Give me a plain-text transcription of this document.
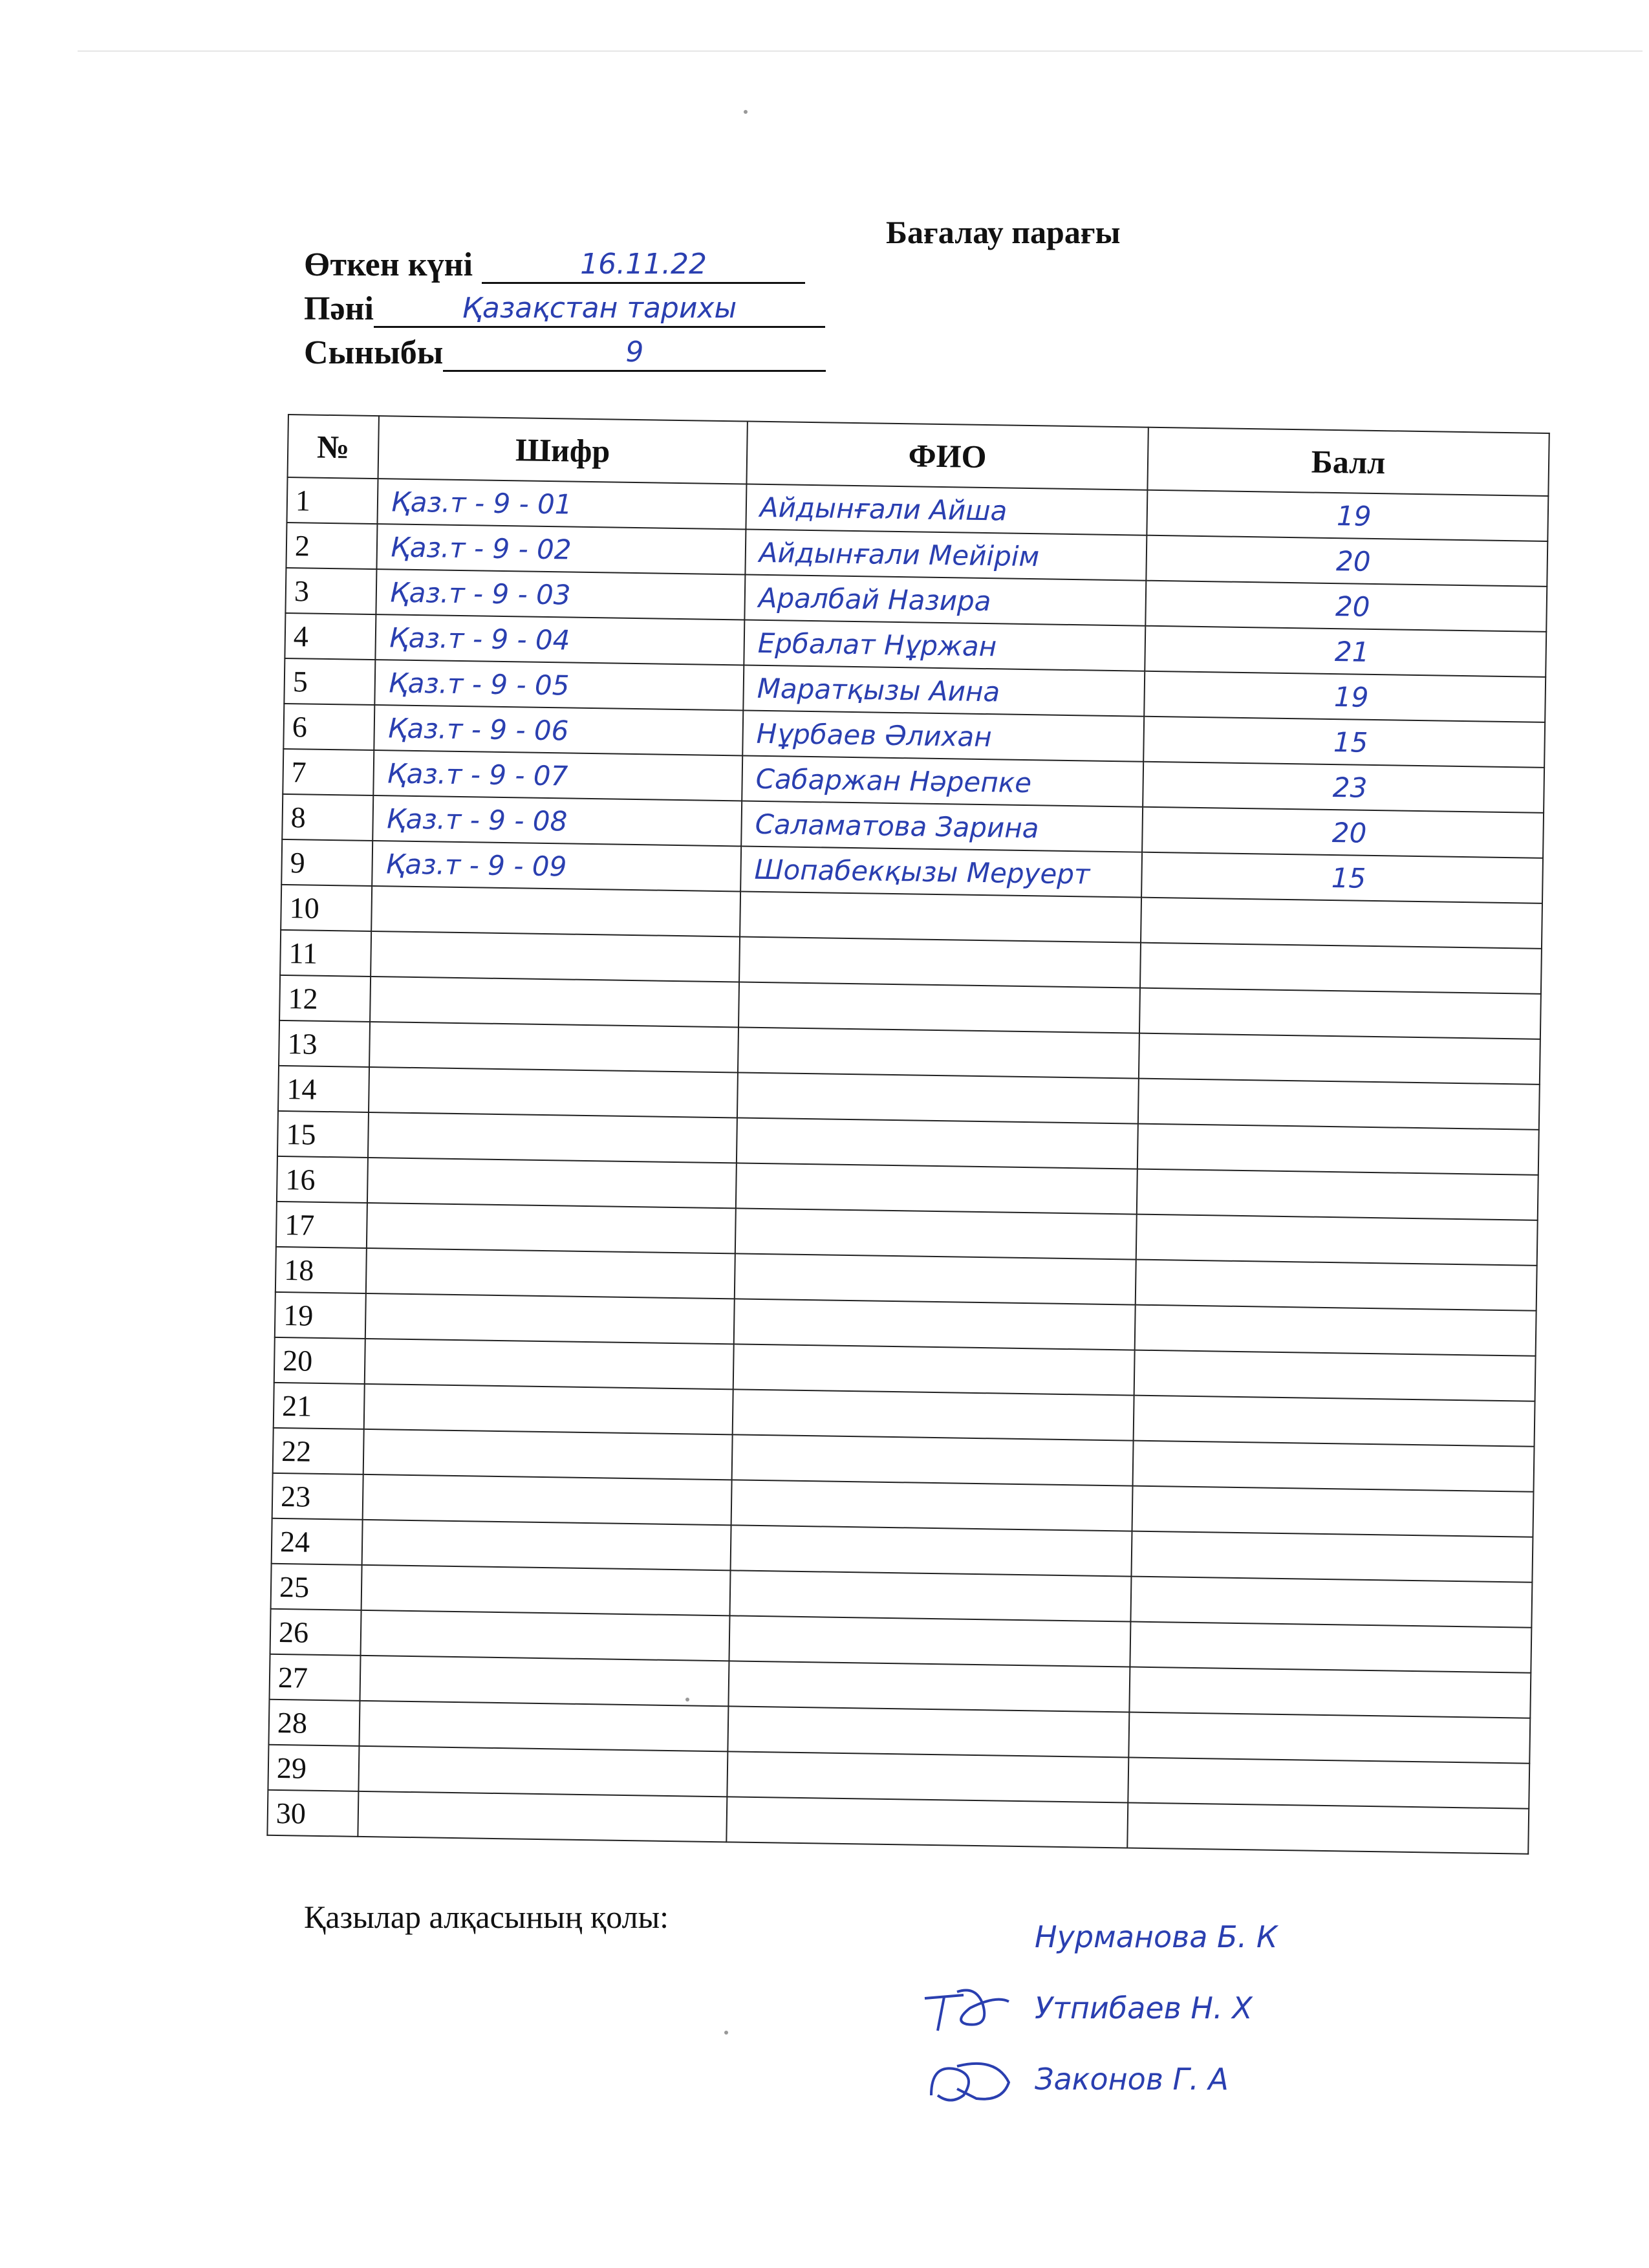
Бағалау парағы
Өткен күні	16.11.22
Пәні	Қазақстан тарихы
Сыныбы	9
№	Шифр	ФИО	Балл
1	Қаз.т - 9 - 01	Айдынғали Айша	19
2	Қаз.т - 9 - 02	Айдынғали Мейірім	20
3	Қаз.т - 9 - 03	Аралбай Назира	20
4	Қаз.т - 9 - 04	Ербалат Нұржан	21
5	Қаз.т - 9 - 05	Маратқызы Аина	19
6	Қаз.т - 9 - 06	Нұрбаев Әлихан	15
7	Қаз.т - 9 - 07	Сабаржан Нәрепке	23
8	Қаз.т - 9 - 08	Саламатова Зарина	20
9	Қаз.т - 9 - 09	Шопабекқызы Меруерт	15
10			
11			
12			
13			
14			
15			
16			
17			
18			
19			
20			
21			
22			
23			
24			
25			
26			
27			
28			
29			
30			
Қазылар алқасының қолы:
Нурманова Б. К
Утпибаев Н. Х
Законов Г. А
